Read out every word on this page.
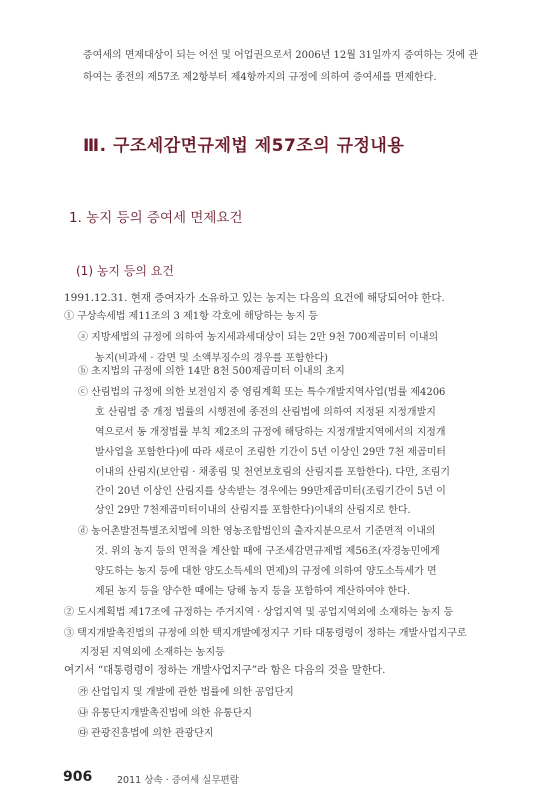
증여세의 면제대상이 되는 어선 및 어업권으로서 2006년 12월 31일까지 증여하는 것에 관
하여는 종전의 제57조 제2항부터 제4항까지의 규정에 의하여 증여세를 면제한다.
Ⅲ. 구조세감면규제법 제57조의 규정내용
1. 농지 등의 증여세 면제요건
(1) 농지 등의 요건
1991.12.31. 현재 증여자가 소유하고 있는 농지는 다음의 요건에 해당되어야 한다.
① 구상속세법 제11조의 3 제1항 각호에 해당하는 농지 등
ⓐ 지방세법의 규정에 의하여 농지세과세대상이 되는 2만 9천 700제곱미터 이내의
농지(비과세 · 감면 및 소액부징수의 경우를 포함한다)
ⓑ 초지법의 규정에 의한 14만 8천 500제곱미터 이내의 초지
ⓒ 산림법의 규정에 의한 보전임지 중 영림계획 또는 특수개발지역사업(법률 제4206
호 산림법 중 개정 법률의 시행전에 종전의 산림법에 의하여 지정된 지정개발지
역으로서 동 개정법률 부칙 제2조의 규정에 해당하는 지정개발지역에서의 지정개
발사업을 포함한다)에 따라 새로이 조림한 기간이 5년 이상인 29만 7천 제곱미터
이내의 산림지(보안림 · 채종림 및 천연보호림의 산림지를 포함한다). 다만, 조림기
간이 20년 이상인 산림지를 상속받는 경우에는 99만제곱미터(조림기간이 5년 이
상인 29만 7천제곱미터이내의 산림지를 포함한다)이내의 산림지로 한다.
ⓓ 농어촌발전특별조치법에 의한 영농조합법인의 출자지분으로서 기준면적 이내의
것. 위의 농지 등의 면적을 계산할 때에 구조세감면규제법 제56조(자경농민에게
양도하는 농지 등에 대한 양도소득세의 면제)의 규정에 의하여 양도소득세가 면
제된 농지 등을 양수한 때에는 당해 농지 등을 포함하여 계산하여야 한다.
② 도시계획법 제17조에 규정하는 주거지역 · 상업지역 및 공업지역외에 소재하는 농지 등
③ 택지개발촉진법의 규정에 의한 택지개발예정지구 기타 대통령령이 정하는 개발사업지구로
지정된 지역외에 소재하는 농지등
여기서 “대통령령이 정하는 개발사업지구”라 함은 다음의 것을 말한다.
㉮ 산업입지 및 개발에 관한 법률에 의한 공업단지
㉯ 유통단지개발촉진법에 의한 유통단지
㉰ 관광진흥법에 의한 관광단지
906	2011 상속 · 증여세 실무편람
